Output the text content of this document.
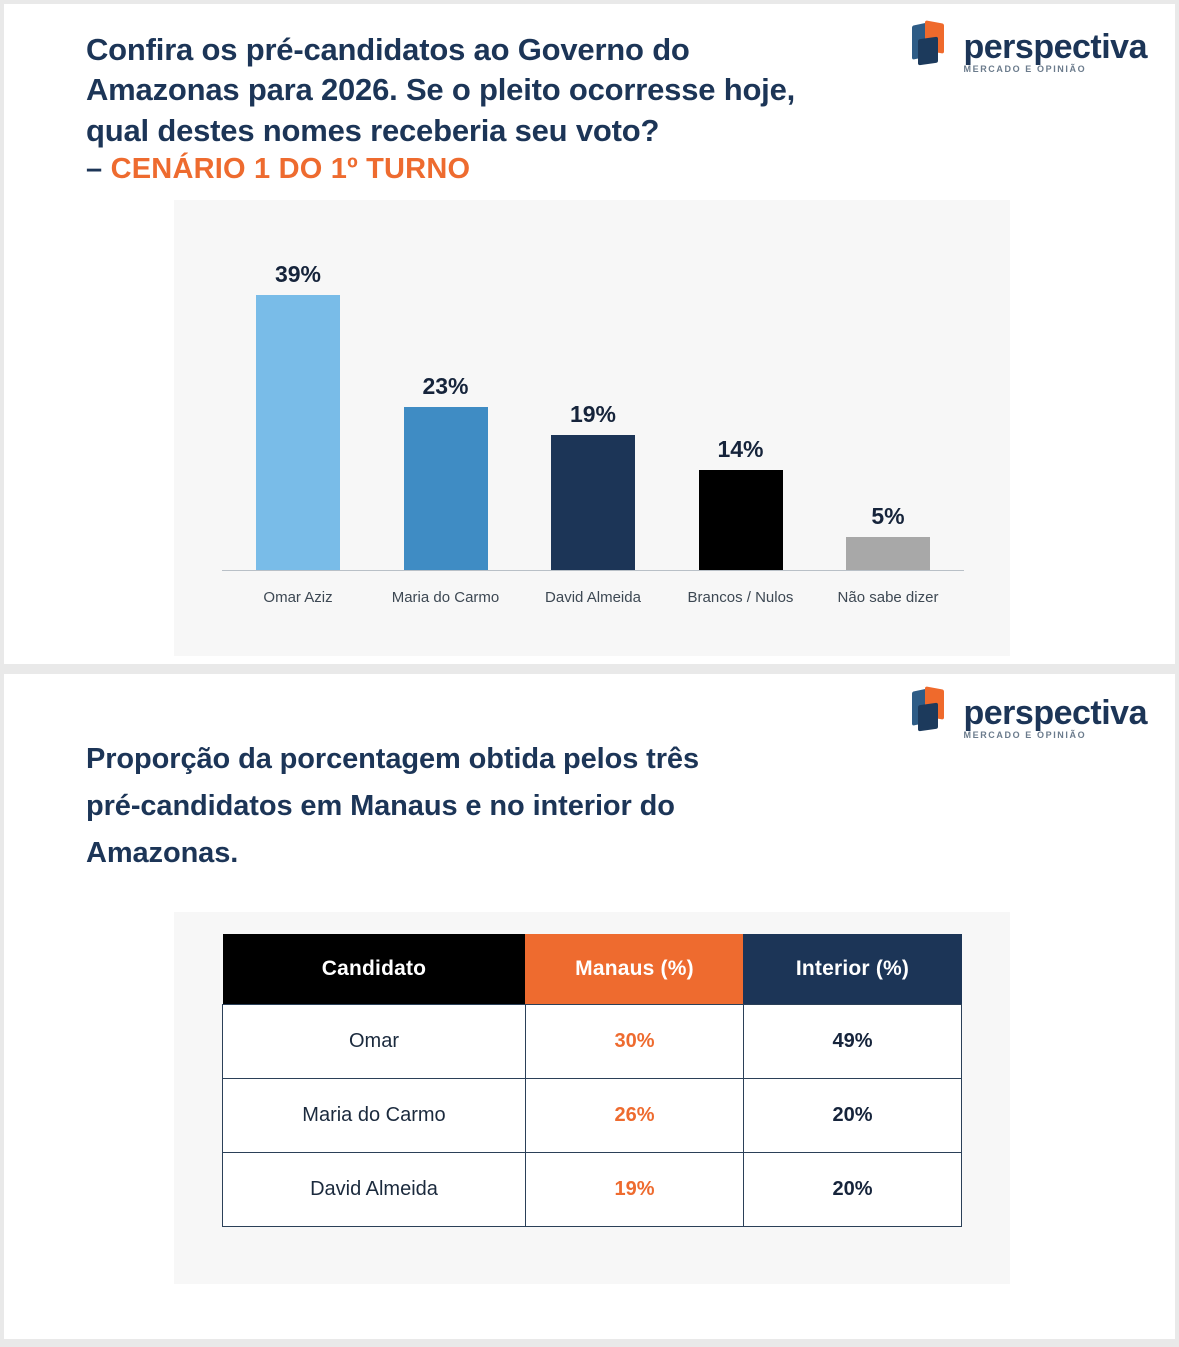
perspectiva
MERCADO E OPINIÃO
Confira os pré-candidatos ao Governo do
Amazonas para 2026. Se o pleito ocorresse hoje,
qual destes nomes receberia seu voto?
– CENÁRIO 1 DO 1º TURNO
39%
23%
19%
14%
5%
Omar Aziz	Maria do Carmo	David Almeida	Brancos / Nulos	Não sabe dizer
perspectiva
MERCADO E OPINIÃO
Proporção da porcentagem obtida pelos três
pré-candidatos em Manaus e no interior do
Amazonas.
Candidato	Manaus (%)	Interior (%)
Omar	30%	49%
Maria do Carmo	26%	20%
David Almeida	19%	20%
